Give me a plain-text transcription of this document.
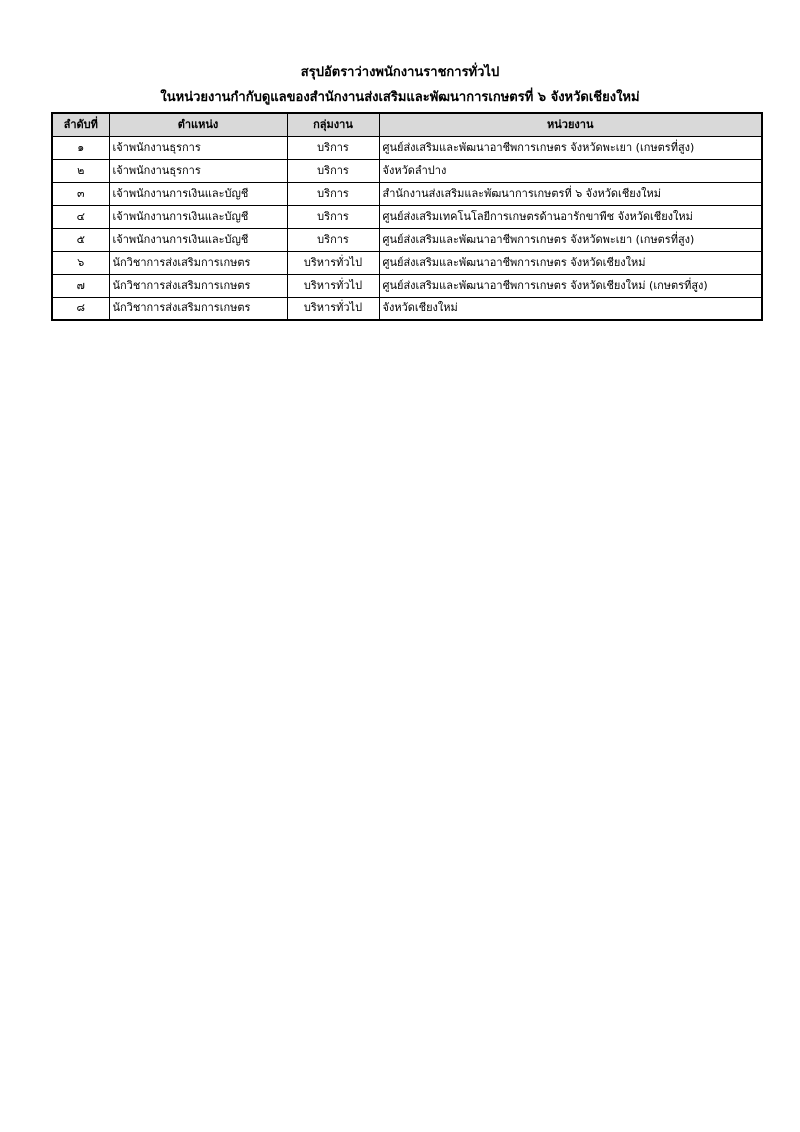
สรุปอัตราว่างพนักงานราชการทั่วไป
ในหน่วยงานกำกับดูแลของสำนักงานส่งเสริมและพัฒนาการเกษตรที่ ๖ จังหวัดเชียงใหม่
ลำดับที่	ตำแหน่ง	กลุ่มงาน	หน่วยงาน
๑	เจ้าพนักงานธุรการ	บริการ	ศูนย์ส่งเสริมและพัฒนาอาชีพการเกษตร จังหวัดพะเยา (เกษตรที่สูง)
๒	เจ้าพนักงานธุรการ	บริการ	จังหวัดลำปาง
๓	เจ้าพนักงานการเงินและบัญชี	บริการ	สำนักงานส่งเสริมและพัฒนาการเกษตรที่ ๖ จังหวัดเชียงใหม่
๔	เจ้าพนักงานการเงินและบัญชี	บริการ	ศูนย์ส่งเสริมเทคโนโลยีการเกษตรด้านอารักขาพืช จังหวัดเชียงใหม่
๕	เจ้าพนักงานการเงินและบัญชี	บริการ	ศูนย์ส่งเสริมและพัฒนาอาชีพการเกษตร จังหวัดพะเยา (เกษตรที่สูง)
๖	นักวิชาการส่งเสริมการเกษตร	บริหารทั่วไป	ศูนย์ส่งเสริมและพัฒนาอาชีพการเกษตร จังหวัดเชียงใหม่
๗	นักวิชาการส่งเสริมการเกษตร	บริหารทั่วไป	ศูนย์ส่งเสริมและพัฒนาอาชีพการเกษตร จังหวัดเชียงใหม่ (เกษตรที่สูง)
๘	นักวิชาการส่งเสริมการเกษตร	บริหารทั่วไป	จังหวัดเชียงใหม่
